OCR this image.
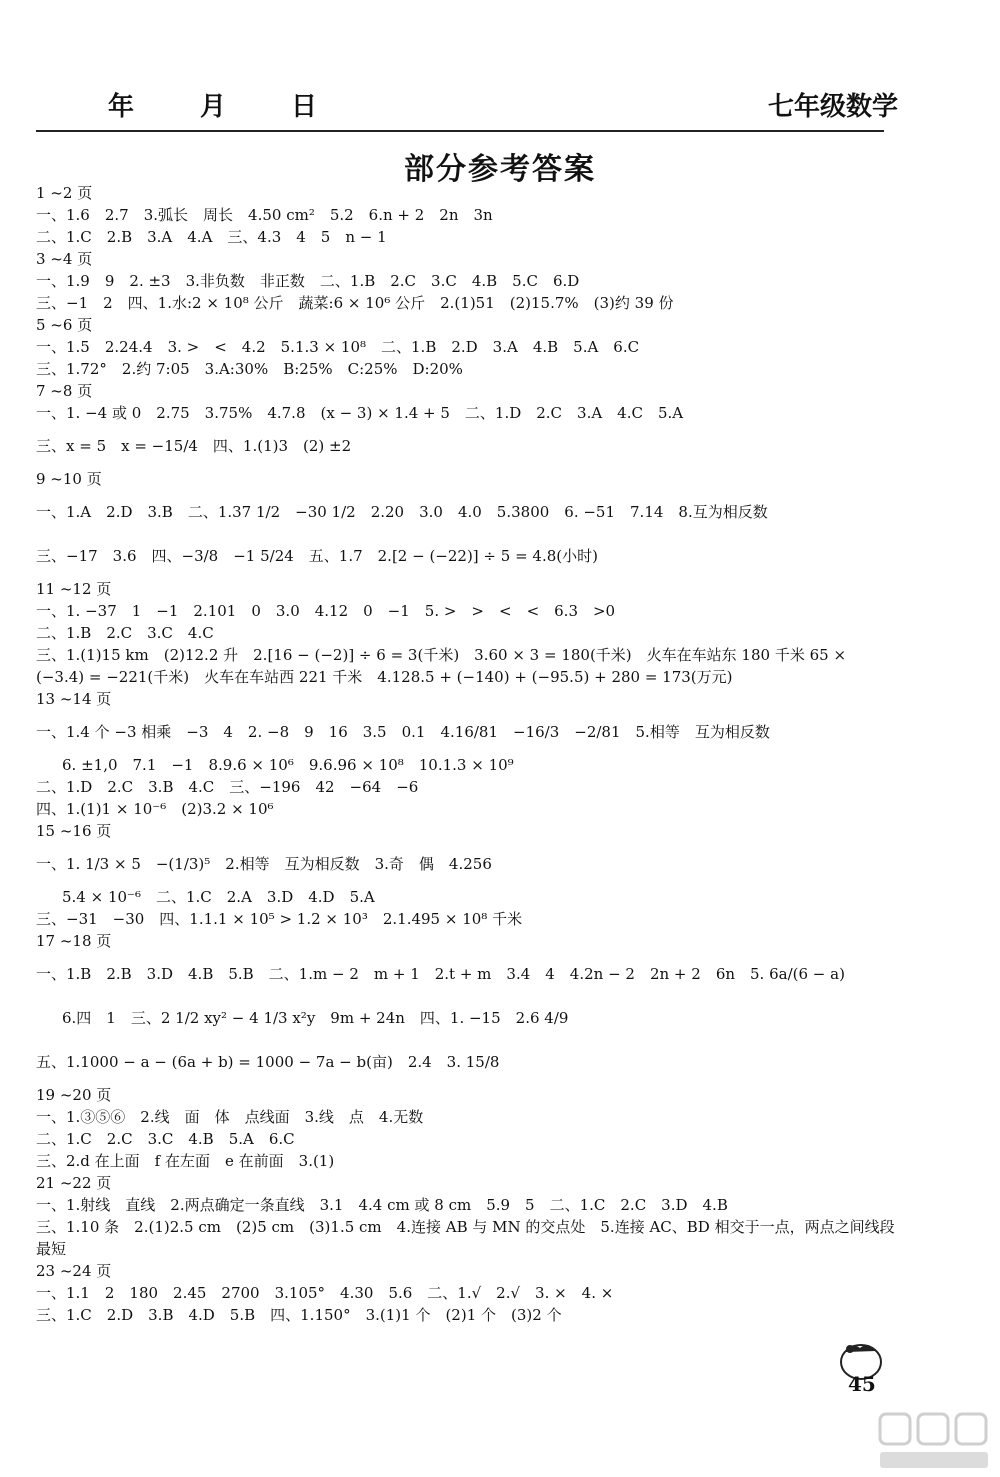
年	月 日	七年级数学
部分参考答案
1 ~2 页
一、1.6　2.7　3.弧长　周长　4.50 cm²　5.2　6.n + 2　2n　3n
二、1.C　2.B　3.A　4.A　三、4.3　4　5　n − 1
3 ~4 页
一、1.9　9　2. ±3　3.非负数　非正数　二、1.B　2.C　3.C　4.B　5.C　6.D
三、−1　2　四、1.水:2 × 10⁸ 公斤　蔬菜:6 × 10⁶ 公斤　2.(1)51　(2)15.7%　(3)约 39 份
5 ~6 页
一、1.5　2.24.4　3. >　<　4.2　5.1.3 × 10⁸　二、1.B　2.D　3.A　4.B　5.A　6.C
三、1.72°　2.约 7:05　3.A:30%　B:25%　C:25%　D:20%
7 ~8 页
一、1. −4 或 0　2.75　3.75%　4.7.8　(x − 3) × 1.4 + 5　二、1.D　2.C　3.A　4.C　5.A
三、x = 5　x = −15/4　四、1.(1)3　(2) ±2
9 ~10 页
一、1.A　2.D　3.B　二、1.37 1/2　−30 1/2　2.20　3.0　4.0　5.3800　6. −51　7.14　8.互为相反数
三、−17　3.6　四、−3/8　−1 5/24　五、1.7　2.[2 − (−22)] ÷ 5 = 4.8(小时)
11 ~12 页
一、1. −37　1　−1　2.101　0　3.0　4.12　0　−1　5. >　>　<　<　6.3　>0
二、1.B　2.C　3.C　4.C
三、1.(1)15 km　(2)12.2 升　2.[16 − (−2)] ÷ 6 = 3(千米)　3.60 × 3 = 180(千米)　火车在车站东 180 千米 65 × (−3.4) = −221(千米)　火车在车站西 221 千米　4.128.5 + (−140) + (−95.5) + 280 = 173(万元)
13 ~14 页
一、1.4 个 −3 相乘　−3　4　2. −8　9　16　3.5　0.1　4.16/81　−16/3　−2/81　5.相等　互为相反数
6. ±1,0　7.1　−1　8.9.6 × 10⁶　9.6.96 × 10⁸　10.1.3 × 10⁹
二、1.D　2.C　3.B　4.C　三、−196　42　−64　−6
四、1.(1)1 × 10⁻⁶　(2)3.2 × 10⁶
15 ~16 页
一、1. 1/3 × 5　−(1/3)⁵　2.相等　互为相反数　3.奇　偶　4.256
5.4 × 10⁻⁶　二、1.C　2.A　3.D　4.D　5.A
三、−31　−30　四、1.1.1 × 10⁵ > 1.2 × 10³　2.1.495 × 10⁸ 千米
17 ~18 页
一、1.B　2.B　3.D　4.B　5.B　二、1.m − 2　m + 1　2.t + m　3.4　4　4.2n − 2　2n + 2　6n　5. 6a/(6 − a)
6.四　1　三、2 1/2 xy² − 4 1/3 x²y　9m + 24n　四、1. −15　2.6 4/9
五、1.1000 − a − (6a + b) = 1000 − 7a − b(亩)　2.4　3. 15/8
19 ~20 页
一、1.③⑤⑥　2.线　面　体　点线面　3.线　点　4.无数
二、1.C　2.C　3.C　4.B　5.A　6.C
三、2.d 在上面　f 在左面　e 在前面　3.(1)
21 ~22 页
一、1.射线　直线　2.两点确定一条直线　3.1　4.4 cm 或 8 cm　5.9　5　二、1.C　2.C　3.D　4.B
三、1.10 条　2.(1)2.5 cm　(2)5 cm　(3)1.5 cm　4.连接 AB 与 MN 的交点处　5.连接 AC、BD 相交于一点，两点之间线段最短
23 ~24 页
一、1.1　2　180　2.45　2700　3.105°　4.30　5.6　二、1.√　2.√　3. ×　4. ×
三、1.C　2.D　3.B　4.D　5.B　四、1.150°　3.(1)1 个　(2)1 个　(3)2 个
45
